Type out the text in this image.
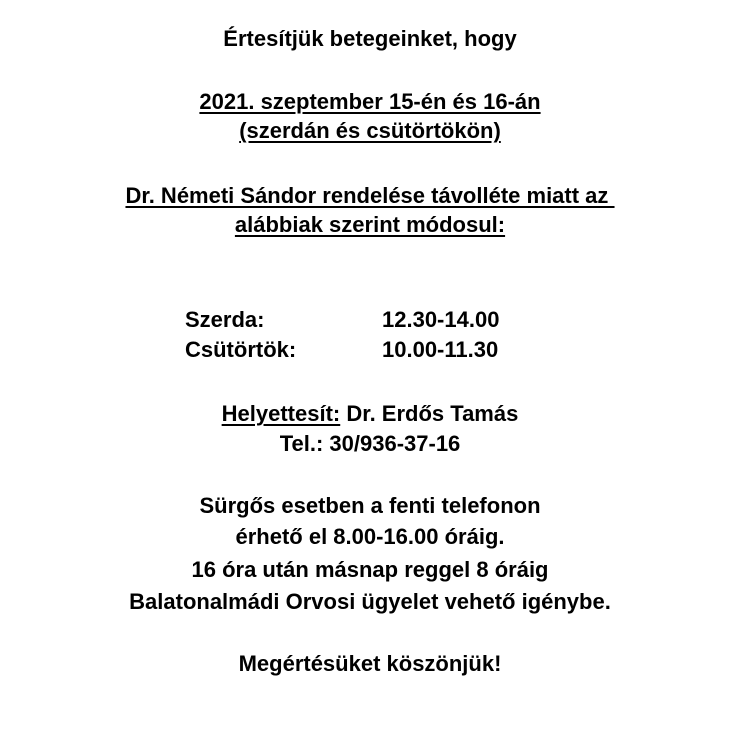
Értesítjük betegeinket, hogy
2021. szeptember 15-én és 16-án
(szerdán és csütörtökön)
Dr. Németi Sándor rendelése távolléte miatt az
alábbiak szerint módosul:
Szerda:	12.30-14.00
Csütörtök:	10.00-11.30
Helyettesít: Dr. Erdős Tamás
Tel.: 30/936-37-16
Sürgős esetben a fenti telefonon
érhető el 8.00-16.00 óráig.
16 óra után másnap reggel 8 óráig
Balatonalmádi Orvosi ügyelet vehető igénybe.
Megértésüket köszönjük!
